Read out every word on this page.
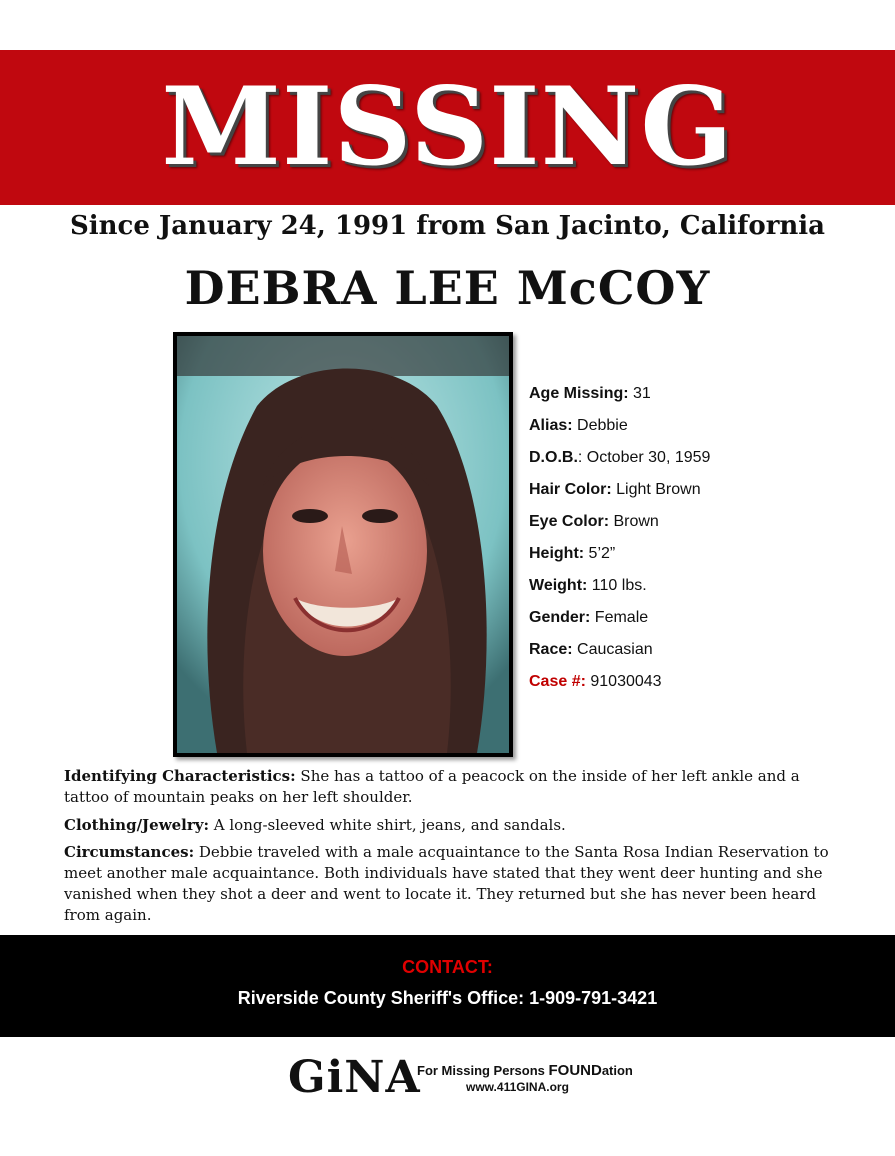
MISSING
Since January 24, 1991 from San Jacinto, California
DEBRA LEE McCOY
Age Missing: 31
Alias: Debbie
D.O.B.: October 30, 1959
Hair Color: Light Brown
Eye Color: Brown
Height: 5’2”
Weight: 110 lbs.
Gender: Female
Race: Caucasian
Case #: 91030043
Identifying Characteristics: She has a tattoo of a peacock on the inside of her left ankle and a tattoo of mountain peaks on her left shoulder.
Clothing/Jewelry: A long-sleeved white shirt, jeans, and sandals.
Circumstances: Debbie traveled with a male acquaintance to the Santa Rosa Indian Reservation to meet another male acquaintance. Both individuals have stated that they went deer hunting and she vanished when they shot a deer and went to locate it. They returned but she has never been heard from again.
CONTACT:
Riverside County Sheriff's Office: 1-909-791-3421
GiNA
For Missing Persons FOUNDation
www.411GINA.org
